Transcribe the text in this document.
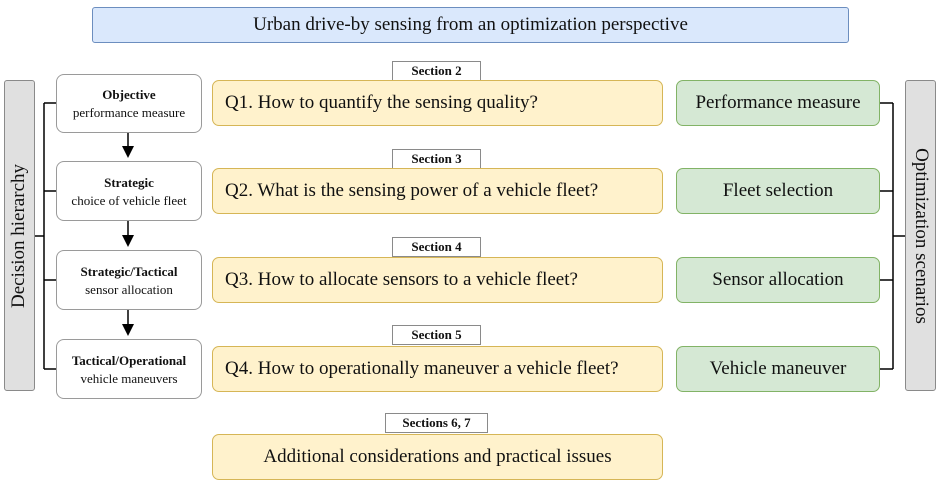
Urban drive-by sensing from an optimization perspective
Decision hierarchy	Optimization scenarios
Objective
performance measure
Strategic
choice of vehicle fleet
Strategic/Tactical
sensor allocation
Tactical/Operational
vehicle maneuvers
Section 2
Section 3
Section 4
Section 5
Sections 6, 7
Q1. How to quantify the sensing quality?
Q2. What is the sensing power of a vehicle fleet?
Q3. How to allocate sensors to a vehicle fleet?
Q4. How to operationally maneuver a vehicle fleet?
Additional considerations and practical issues
Performance measure
Fleet selection
Sensor allocation
Vehicle maneuver
